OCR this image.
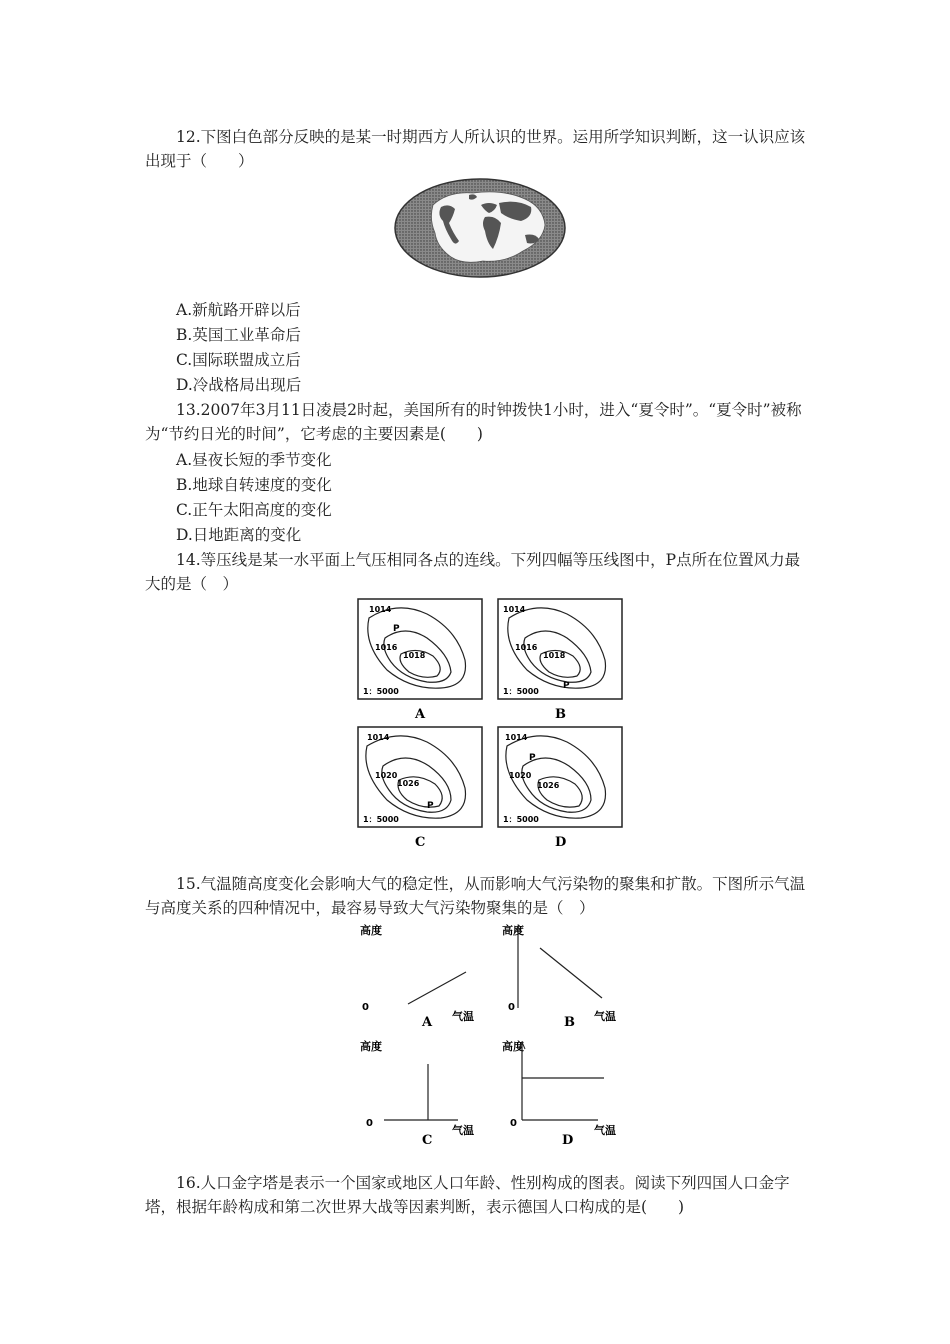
12.下图白色部分反映的是某一时期西方人所认识的世界。运用所学知识判断，这一认识应该出现于（　　）

A.新航路开辟以后

B.英国工业革命后

C.国际联盟成立后

D.冷战格局出现后

13.2007年3月11日凌晨2时起，美国所有的时钟拨快1小时，进入“夏令时”。“夏令时”被称为“节约日光的时间”，它考虑的主要因素是(　　)

A.昼夜长短的季节变化

B.地球自转速度的变化

C.正午太阳高度的变化

D.日地距离的变化

14.等压线是某一水平面上气压相同各点的连线。下列四幅等压线图中，P点所在位置风力最大的是（　）

1014
1016
1018
P
1：5000
A
1014
1016
1018
P
1：5000
B
1014
1020
1026
P
1：5000
C
1014
1020
1026
P
1：5000
D

15.气温随高度变化会影响大气的稳定性，从而影响大气污染物的聚集和扩散。下图所示气温与高度关系的四种情况中，最容易导致大气污染物聚集的是（　）

高度
0
气温
A
高度
0
气温
B
高度
0
气温
C
高度
0
气温
D

16.人口金字塔是表示一个国家或地区人口年龄、性别构成的图表。阅读下列四国人口金字塔，根据年龄构成和第二次世界大战等因素判断，表示德国人口构成的是(　　)
